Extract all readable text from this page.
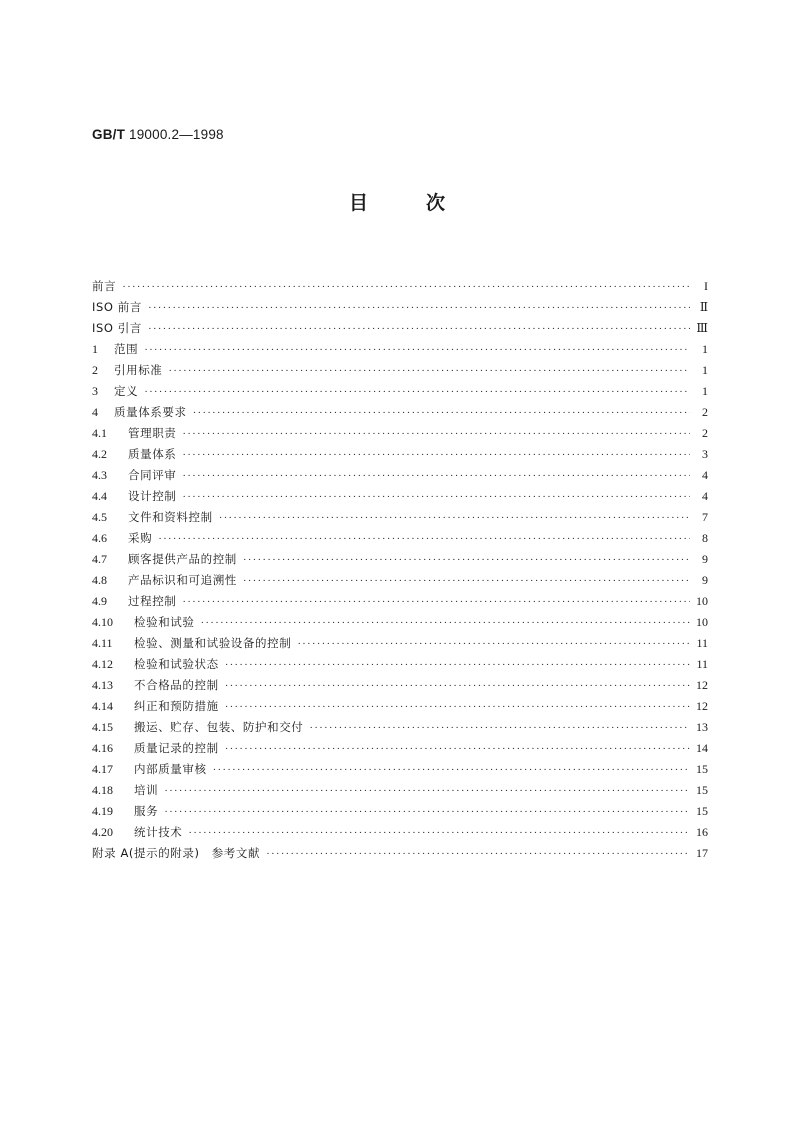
GB/T 19000.2—1998
目	次
前言 ·····	I
ISO 前言 ·····	Ⅱ
ISO 引言 ·····	Ⅲ
1	范围 ·····	1
2	引用标准 ·····	1
3	定义 ·····	1
4	质量体系要求 ·····	2
4.1	管理职责 ·····	2
4.2	质量体系 ·····	3
4.3	合同评审 ·····	4
4.4	设计控制 ·····	4
4.5	文件和资料控制 ·····	7
4.6	采购 ·····	8
4.7	顾客提供产品的控制 ·····	9
4.8	产品标识和可追溯性 ·····	9
4.9	过程控制 ·····	10
4.10	检验和试验 ·····	10
4.11	检验、测量和试验设备的控制 ·····	11
4.12	检验和试验状态 ·····	11
4.13	不合格品的控制 ·····	12
4.14	纠正和预防措施 ·····	12
4.15	搬运、贮存、包装、防护和交付 ·····	13
4.16	质量记录的控制 ·····	14
4.17	内部质量审核 ·····	15
4.18	培训 ·····	15
4.19	服务 ·····	15
4.20	统计技术 ·····	16
附录 A(提示的附录)　参考文献 ·····	17
